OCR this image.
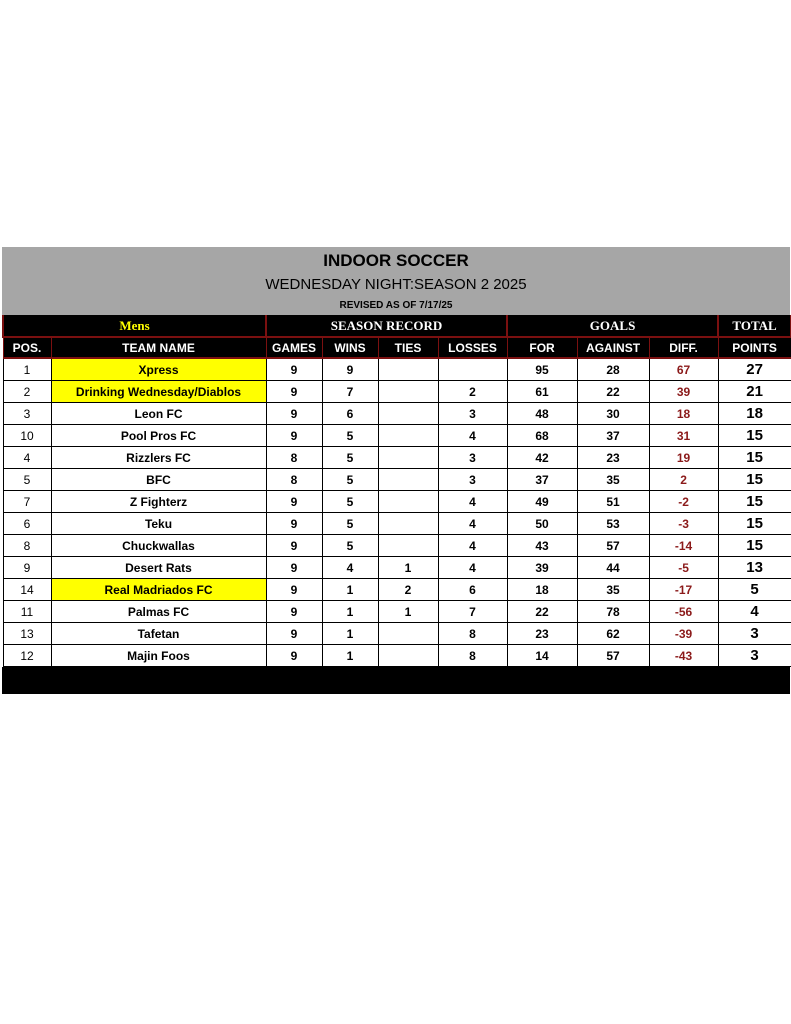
INDOOR SOCCER
WEDNESDAY NIGHT:SEASON 2 2025
REVISED AS OF 7/17/25
Mens		SEASON RECORD				GOALS			TOTAL
POS.	TEAM NAME	GAMES	WINS	TIES	LOSSES	FOR	AGAINST	DIFF.	POINTS
1	Xpress	9	9			95	28	67	27
2	Drinking Wednesday/Diablos	9	7		2	61	22	39	21
3	Leon FC	9	6		3	48	30	18	18
10	Pool Pros FC	9	5		4	68	37	31	15
4	Rizzlers FC	8	5		3	42	23	19	15
5	BFC	8	5		3	37	35	2	15
7	Z Fighterz	9	5		4	49	51	-2	15
6	Teku	9	5		4	50	53	-3	15
8	Chuckwallas	9	5		4	43	57	-14	15
9	Desert Rats	9	4	1	4	39	44	-5	13
14	Real Madriados FC	9	1	2	6	18	35	-17	5
11	Palmas FC	9	1	1	7	22	78	-56	4
13	Tafetan	9	1		8	23	62	-39	3
12	Majin Foos	9	1		8	14	57	-43	3
